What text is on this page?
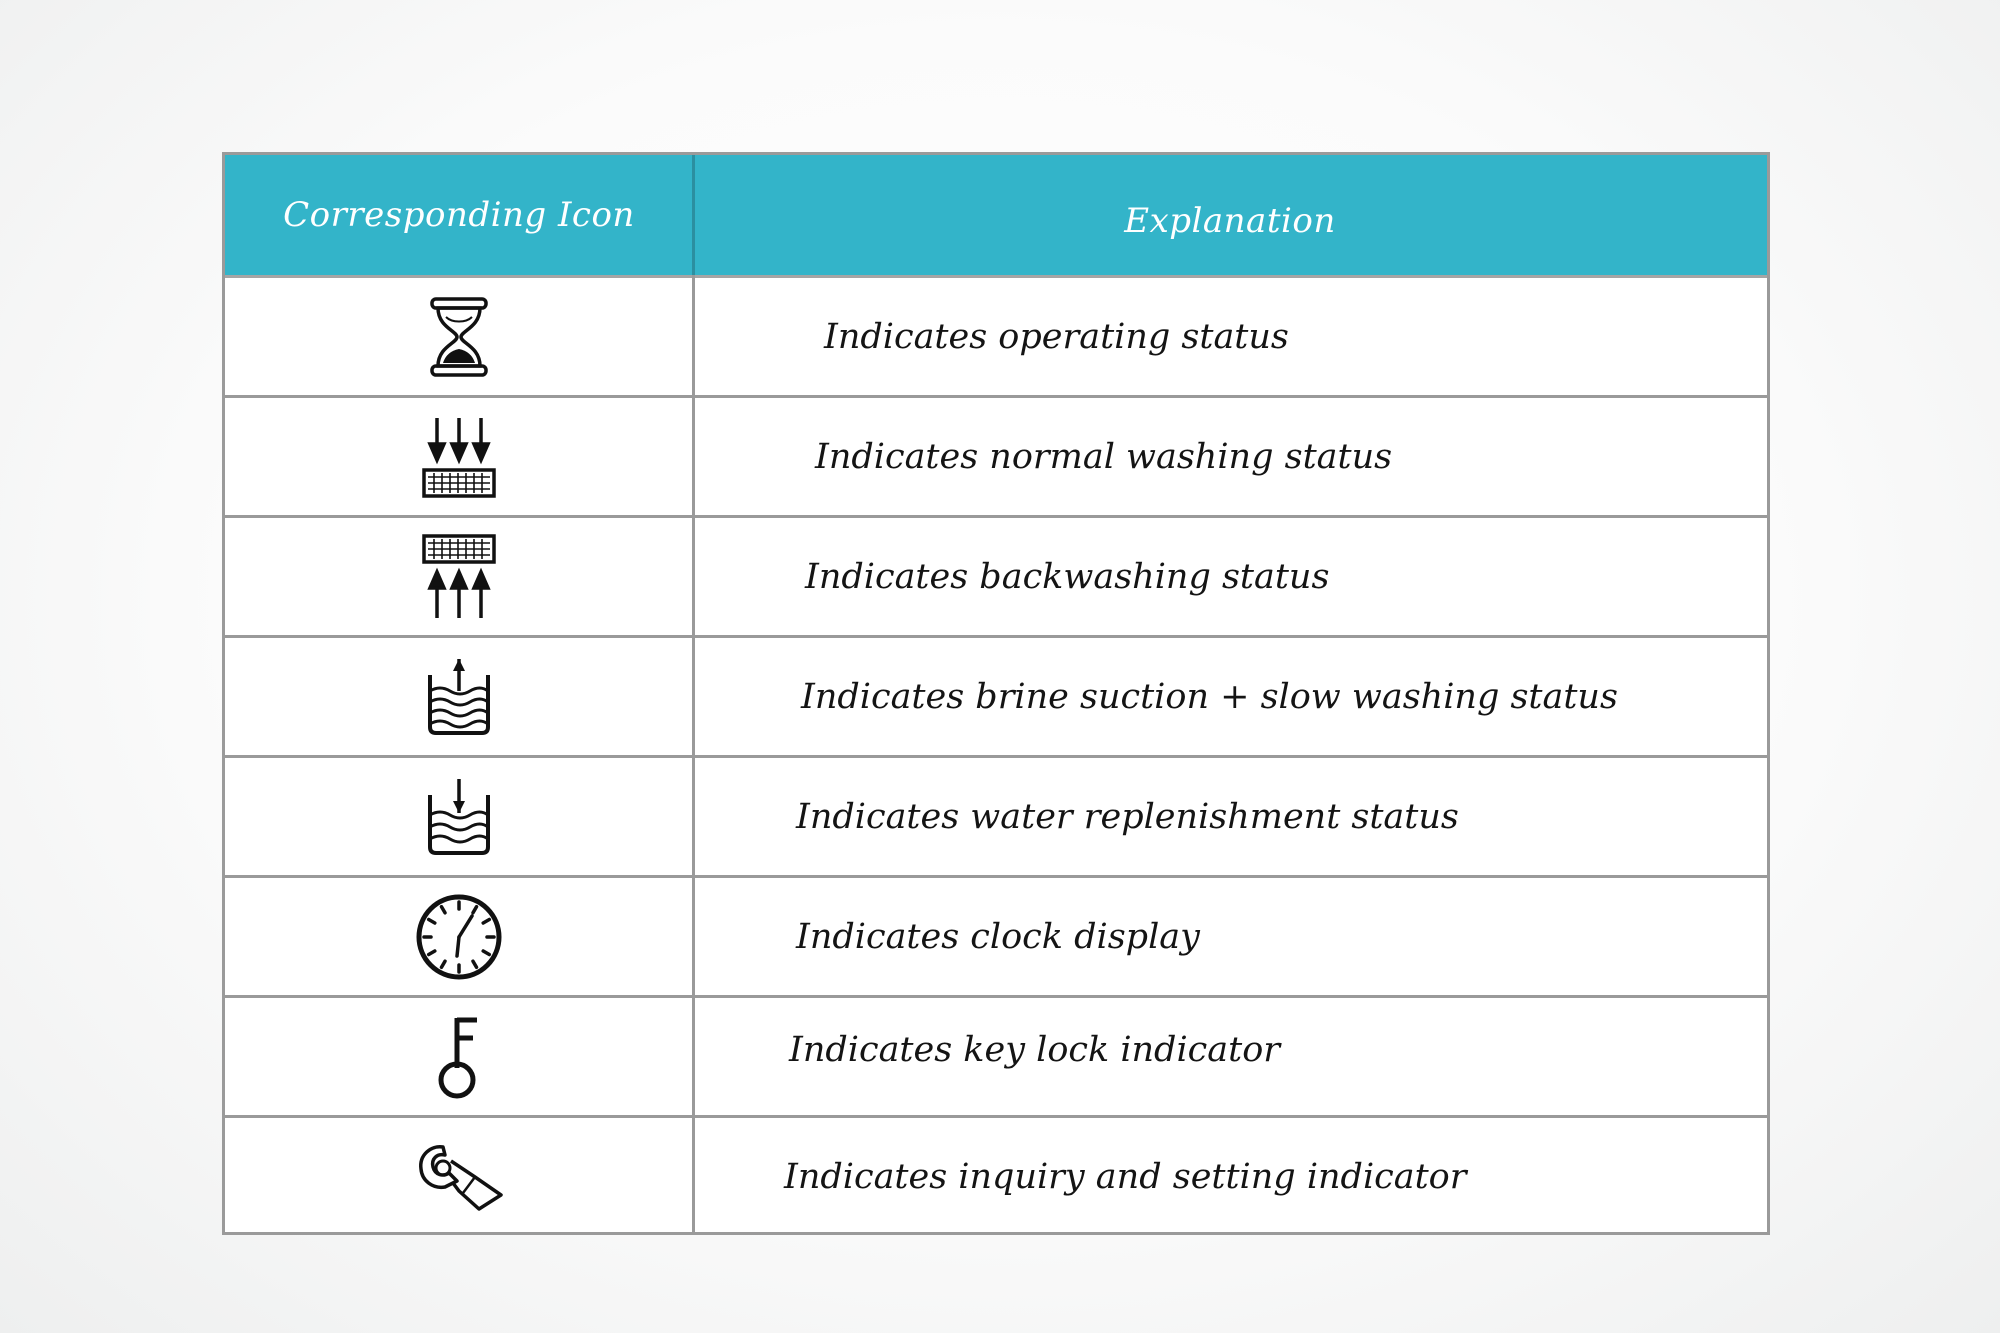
Corresponding Icon	Explanation
Indicates operating status
Indicates normal washing status
Indicates backwashing status
Indicates brine suction + slow washing status
Indicates water replenishment status
Indicates clock display
Indicates key lock indicator
Indicates inquiry and setting indicator
